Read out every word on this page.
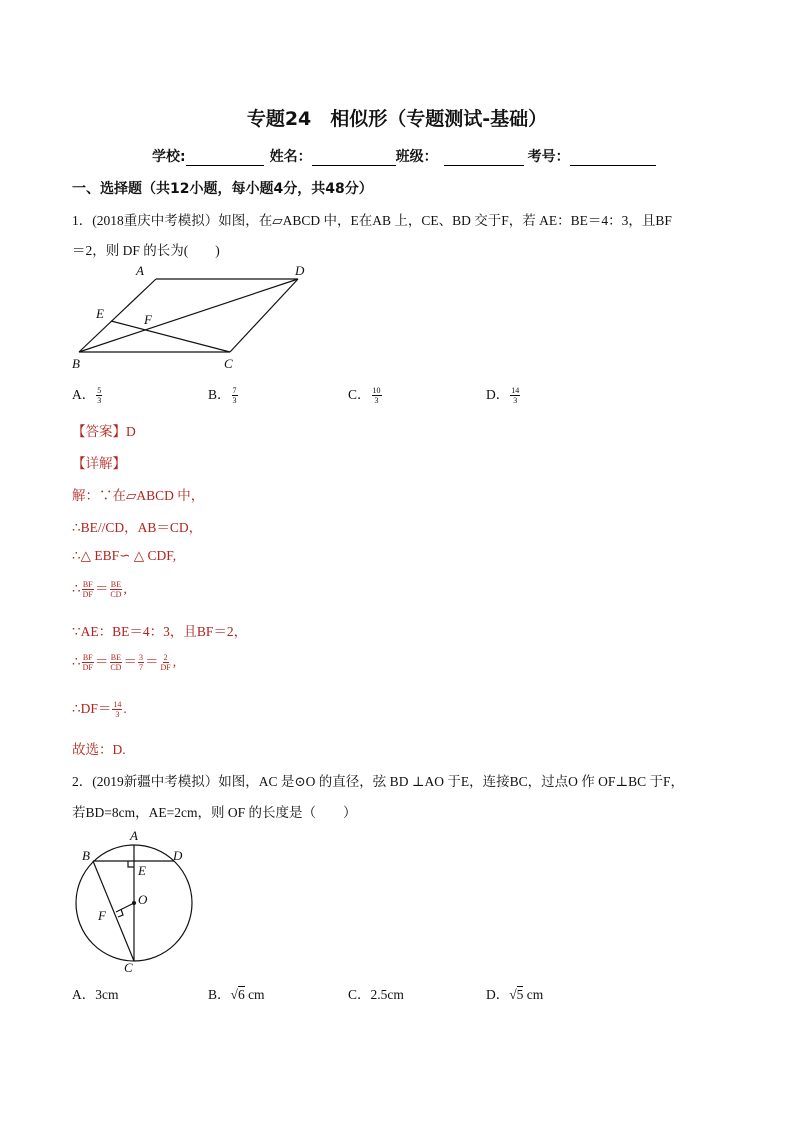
专题24　相似形（专题测试-基础）
学校:	姓名：	班级：	考号：
一、选择题（共12小题，每小题4分，共48分）
1．(2018重庆中考模拟）如图，在▱ABCD 中，E在AB 上，CE、BD 交于F，若 AE：BE＝4：3，且BF
＝2，则 DF 的长为(　　)
A	D
E	F
B	C
A． $\frac{5}{3}$	B． $\frac{7}{3}$	C． $\frac{10}{3}$	D． $\frac{14}{3}$
【答案】D
【详解】
解：∵在▱ABCD 中，
∴BE//CD，AB＝CD，
∴△ EBF∽ △ CDF,
∴ $\frac{BF}{DF} = \frac{BE}{CD}$ ,
∵AE：BE＝4：3，且BF＝2，
∴ $\frac{BF}{DF} = \frac{BE}{CD} = \frac{3}{7} = \frac{2}{DF}$ ,
∴DF＝ $\frac{14}{3}$ .
故选：D.
2．(2019新疆中考模拟）如图，AC 是⊙O 的直径，弦 BD ⊥AO 于E，连接BC，过点O 作 OF⊥BC 于F，
若BD=8cm，AE=2cm，则 OF 的长度是（　　）
A
B	D
E
O
F
C
A．3cm	B．√6 cm	C．2.5cm	D．√5 cm
